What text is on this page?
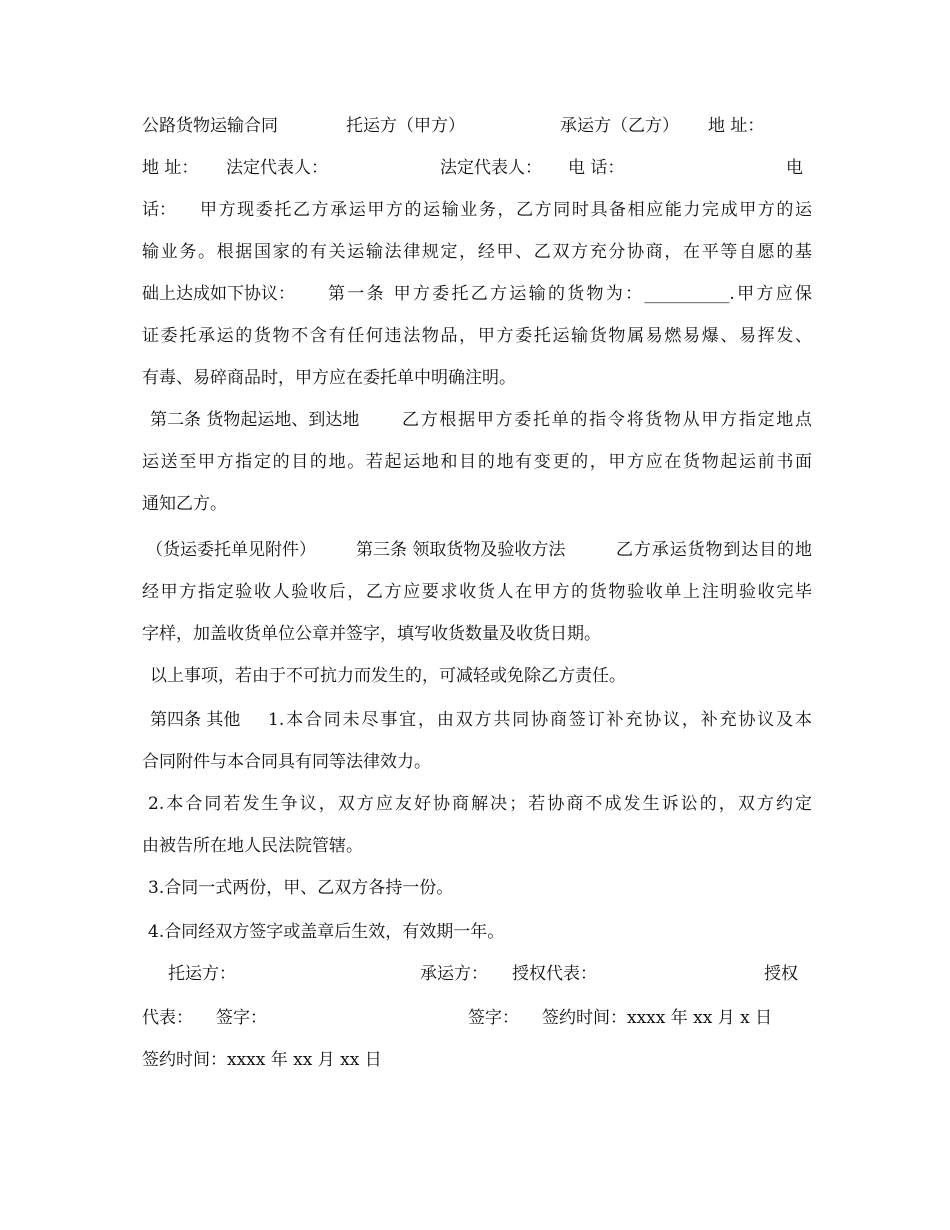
公路货物运输合同	托运方（甲方）	承运方（乙方） 地 址：
地 址： 法定代表人：	法定代表人： 电 话：	电
话： 甲方现委托乙方承运甲方的运输业务，乙方同时具备相应能力完成甲方的运
输业务。根据国家的有关运输法律规定，经甲、乙双方充分协商，在平等自愿的基
础上达成如下协议： 第一条 甲方委托乙方运输的货物为：__________.甲方应保
证委托承运的货物不含有任何违法物品，甲方委托运输货物属易燃易爆、易挥发、
有毒、易碎商品时，甲方应在委托单中明确注明。
第二条 货物起运地、到达地	乙方根据甲方委托单的指令将货物从甲方指定地点
运送至甲方指定的目的地。若起运地和目的地有变更的，甲方应在货物起运前书面
通知乙方。
（货运委托单见附件） 第三条 领取货物及验收方法	乙方承运货物到达目的地
经甲方指定验收人验收后，乙方应要求收货人在甲方的货物验收单上注明验收完毕
字样，加盖收货单位公章并签字，填写收货数量及收货日期。
以上事项，若由于不可抗力而发生的，可减轻或免除乙方责任。
第四条 其他 1.本合同未尽事宜，由双方共同协商签订补充协议，补充协议及本
合同附件与本合同具有同等法律效力。
2.本合同若发生争议，双方应友好协商解决；若协商不成发生诉讼的，双方约定
由被告所在地人民法院管辖。
3.合同一式两份，甲、乙双方各持一份。
4.合同经双方签字或盖章后生效，有效期一年。
托运方：	承运方： 授权代表：	授权
代表： 签字：	签字： 签约时间：xxxx 年 xx 月 x 日
签约时间：xxxx 年 xx 月 xx 日
